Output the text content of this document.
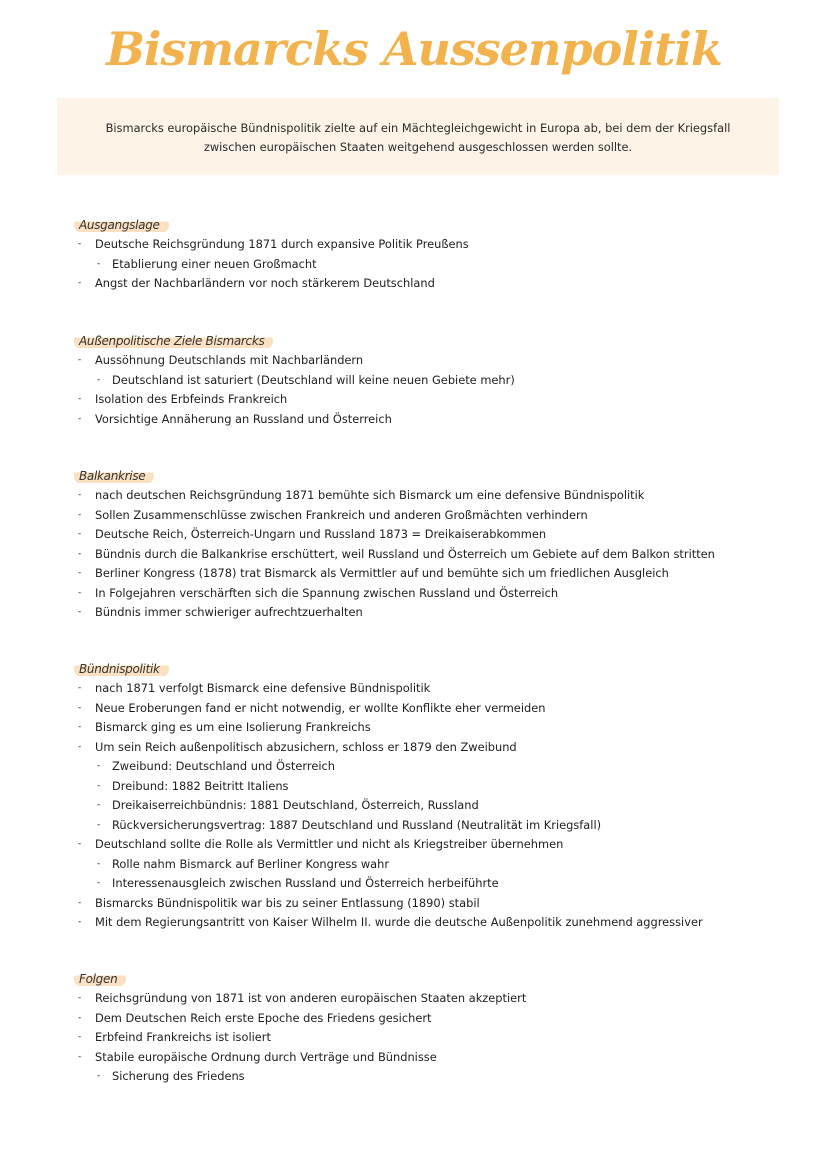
Bismarcks Aussenpolitik
Bismarcks europäische Bündnispolitik zielte auf ein Mächtegleichgewicht in Europa ab, bei dem der Kriegsfall zwischen europäischen Staaten weitgehend ausgeschlossen werden sollte.
Ausgangslage
- Deutsche Reichsgründung 1871 durch expansive Politik Preußens
- Etablierung einer neuen Großmacht
- Angst der Nachbarländern vor noch stärkerem Deutschland
Außenpolitische Ziele Bismarcks
- Aussöhnung Deutschlands mit Nachbarländern
- Deutschland ist saturiert (Deutschland will keine neuen Gebiete mehr)
- Isolation des Erbfeinds Frankreich
- Vorsichtige Annäherung an Russland und Österreich
Balkankrise
- nach deutschen Reichsgründung 1871 bemühte sich Bismarck um eine defensive Bündnispolitik
- Sollen Zusammenschlüsse zwischen Frankreich und anderen Großmächten verhindern
- Deutsche Reich, Österreich-Ungarn und Russland 1873 = Dreikaiserabkommen
- Bündnis durch die Balkankrise erschüttert, weil Russland und Österreich um Gebiete auf dem Balkon stritten
- Berliner Kongress (1878) trat Bismarck als Vermittler auf und bemühte sich um friedlichen Ausgleich
- In Folgejahren verschärften sich die Spannung zwischen Russland und Österreich
- Bündnis immer schwieriger aufrechtzuerhalten
Bündnispolitik
- nach 1871 verfolgt Bismarck eine defensive Bündnispolitik
- Neue Eroberungen fand er nicht notwendig, er wollte Konflikte eher vermeiden
- Bismarck ging es um eine Isolierung Frankreichs
- Um sein Reich außenpolitisch abzusichern, schloss er 1879 den Zweibund
- Zweibund: Deutschland und Österreich
- Dreibund: 1882 Beitritt Italiens
- Dreikaiserreichbündnis: 1881 Deutschland, Österreich, Russland
- Rückversicherungsvertrag: 1887 Deutschland und Russland (Neutralität im Kriegsfall)
- Deutschland sollte die Rolle als Vermittler und nicht als Kriegstreiber übernehmen
- Rolle nahm Bismarck auf Berliner Kongress wahr
- Interessenausgleich zwischen Russland und Österreich herbeiführte
- Bismarcks Bündnispolitik war bis zu seiner Entlassung (1890) stabil
- Mit dem Regierungsantritt von Kaiser Wilhelm II. wurde die deutsche Außenpolitik zunehmend aggressiver
Folgen
- Reichsgründung von 1871 ist von anderen europäischen Staaten akzeptiert
- Dem Deutschen Reich erste Epoche des Friedens gesichert
- Erbfeind Frankreichs ist isoliert
- Stabile europäische Ordnung durch Verträge und Bündnisse
- Sicherung des Friedens
